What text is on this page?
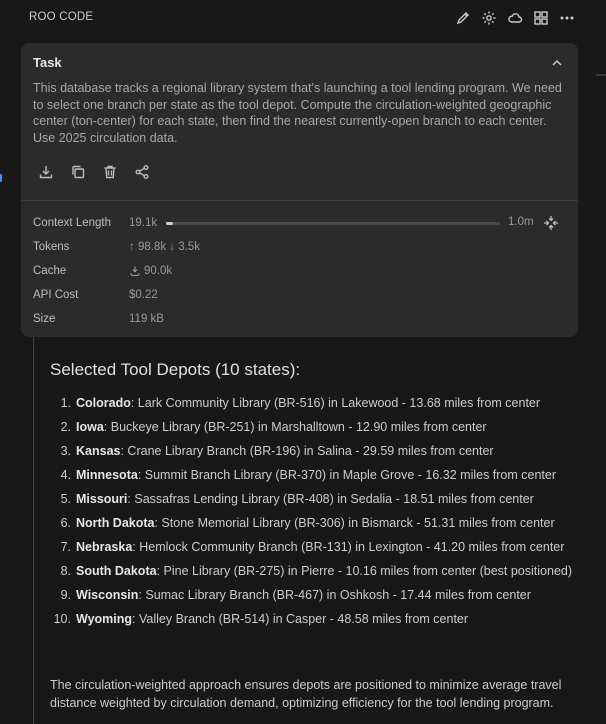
ROO CODE
Task
This database tracks a regional library system that's launching a tool lending program. We need to select one branch per state as the tool depot. Compute the circulation-weighted geographic center (ton-center) for each state, then find the nearest currently-open branch to each center. Use 2025 circulation data.
Context Length	19.1k	1.0m
Tokens	↑ 98.8k ↓ 3.5k
Cache	90.0k
API Cost	$0.22
Size	119 kB
Selected Tool Depots (10 states):
1. Colorado: Lark Community Library (BR-516) in Lakewood - 13.68 miles from center
2. Iowa: Buckeye Library (BR-251) in Marshalltown - 12.90 miles from center
3. Kansas: Crane Library Branch (BR-196) in Salina - 29.59 miles from center
4. Minnesota: Summit Branch Library (BR-370) in Maple Grove - 16.32 miles from center
5. Missouri: Sassafras Lending Library (BR-408) in Sedalia - 18.51 miles from center
6. North Dakota: Stone Memorial Library (BR-306) in Bismarck - 51.31 miles from center
7. Nebraska: Hemlock Community Branch (BR-131) in Lexington - 41.20 miles from center
8. South Dakota: Pine Library (BR-275) in Pierre - 10.16 miles from center (best positioned)
9. Wisconsin: Sumac Library Branch (BR-467) in Oshkosh - 17.44 miles from center
10. Wyoming: Valley Branch (BR-514) in Casper - 48.58 miles from center
The circulation-weighted approach ensures depots are positioned to minimize average travel distance weighted by circulation demand, optimizing efficiency for the tool lending program.
